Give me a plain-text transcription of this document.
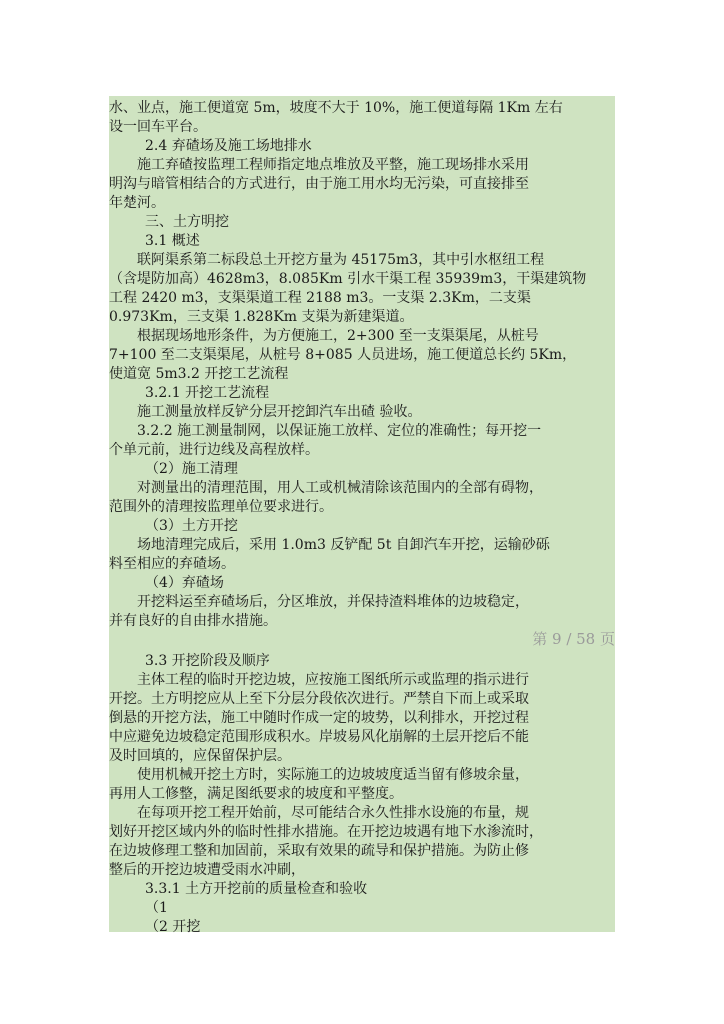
水、业点，施工便道宽 5m，坡度不大于 10%，施工便道每隔 1Km 左右
设一回车平台。
2.4 弃碴场及施工场地排水
施工弃碴按监理工程师指定地点堆放及平整，施工现场排水采用
明沟与暗管相结合的方式进行，由于施工用水均无污染，可直接排至
年楚河。
三、土方明挖
3.1 概述
联阿渠系第二标段总土开挖方量为 45175m3，其中引水枢纽工程
（含堤防加高）4628m3，8.085Km 引水干渠工程 35939m3，干渠建筑物
工程 2420 m3，支渠渠道工程 2188 m3。一支渠 2.3Km，二支渠
0.973Km，三支渠 1.828Km 支渠为新建渠道。
根据现场地形条件，为方便施工，2+300 至一支渠渠尾，从桩号
7+100 至二支渠渠尾，从桩号 8+085 人员进场，施工便道总长约 5Km，
使道宽 5m3.2 开挖工艺流程
3.2.1 开挖工艺流程
施工测量放样反铲分层开挖卸汽车出碴 验收。
3.2.2 施工测量制网，以保证施工放样、定位的准确性；每开挖一
个单元前，进行边线及高程放样。
（2）施工清理
对测量出的清理范围，用人工或机械清除该范围内的全部有碍物，
范围外的清理按监理单位要求进行。
（3）土方开挖
场地清理完成后，采用 1.0m3 反铲配 5t 自卸汽车开挖，运输砂砾
料至相应的弃碴场。
（4）弃碴场
开挖料运至弃碴场后，分区堆放，并保持渣料堆体的边坡稳定，
并有良好的自由排水措施。
第 9 / 58 页
3.3 开挖阶段及顺序
主体工程的临时开挖边坡，应按施工图纸所示或监理的指示进行
开挖。土方明挖应从上至下分层分段依次进行。严禁自下而上或采取
倒悬的开挖方法，施工中随时作成一定的坡势，以利排水，开挖过程
中应避免边坡稳定范围形成积水。岸坡易风化崩解的土层开挖后不能
及时回填的，应保留保护层。
使用机械开挖土方时，实际施工的边坡坡度适当留有修坡余量，
再用人工修整，满足图纸要求的坡度和平整度。
在每项开挖工程开始前，尽可能结合永久性排水设施的布量，规
划好开挖区域内外的临时性排水措施。在开挖边坡遇有地下水渗流时，
在边坡修理工整和加固前，采取有效果的疏导和保护措施。为防止修
整后的开挖边坡遭受雨水冲刷，
3.3.1 土方开挖前的质量检查和验收
（1
（2 开挖
